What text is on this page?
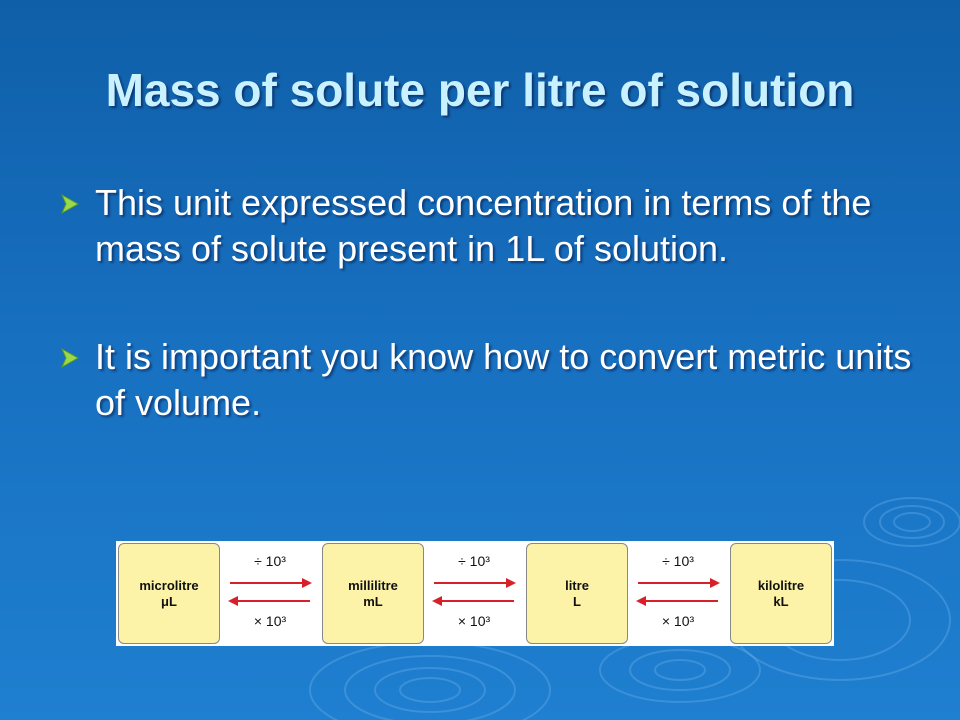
Mass of solute per litre of solution
This unit expressed concentration in terms of the mass of solute present in 1L of solution.
It is important you know how to convert metric units of volume.
microlitre
μL
millilitre
mL
litre
L
kilolitre
kL
÷ 10³
× 10³
÷ 10³
× 10³
÷ 10³
× 10³
